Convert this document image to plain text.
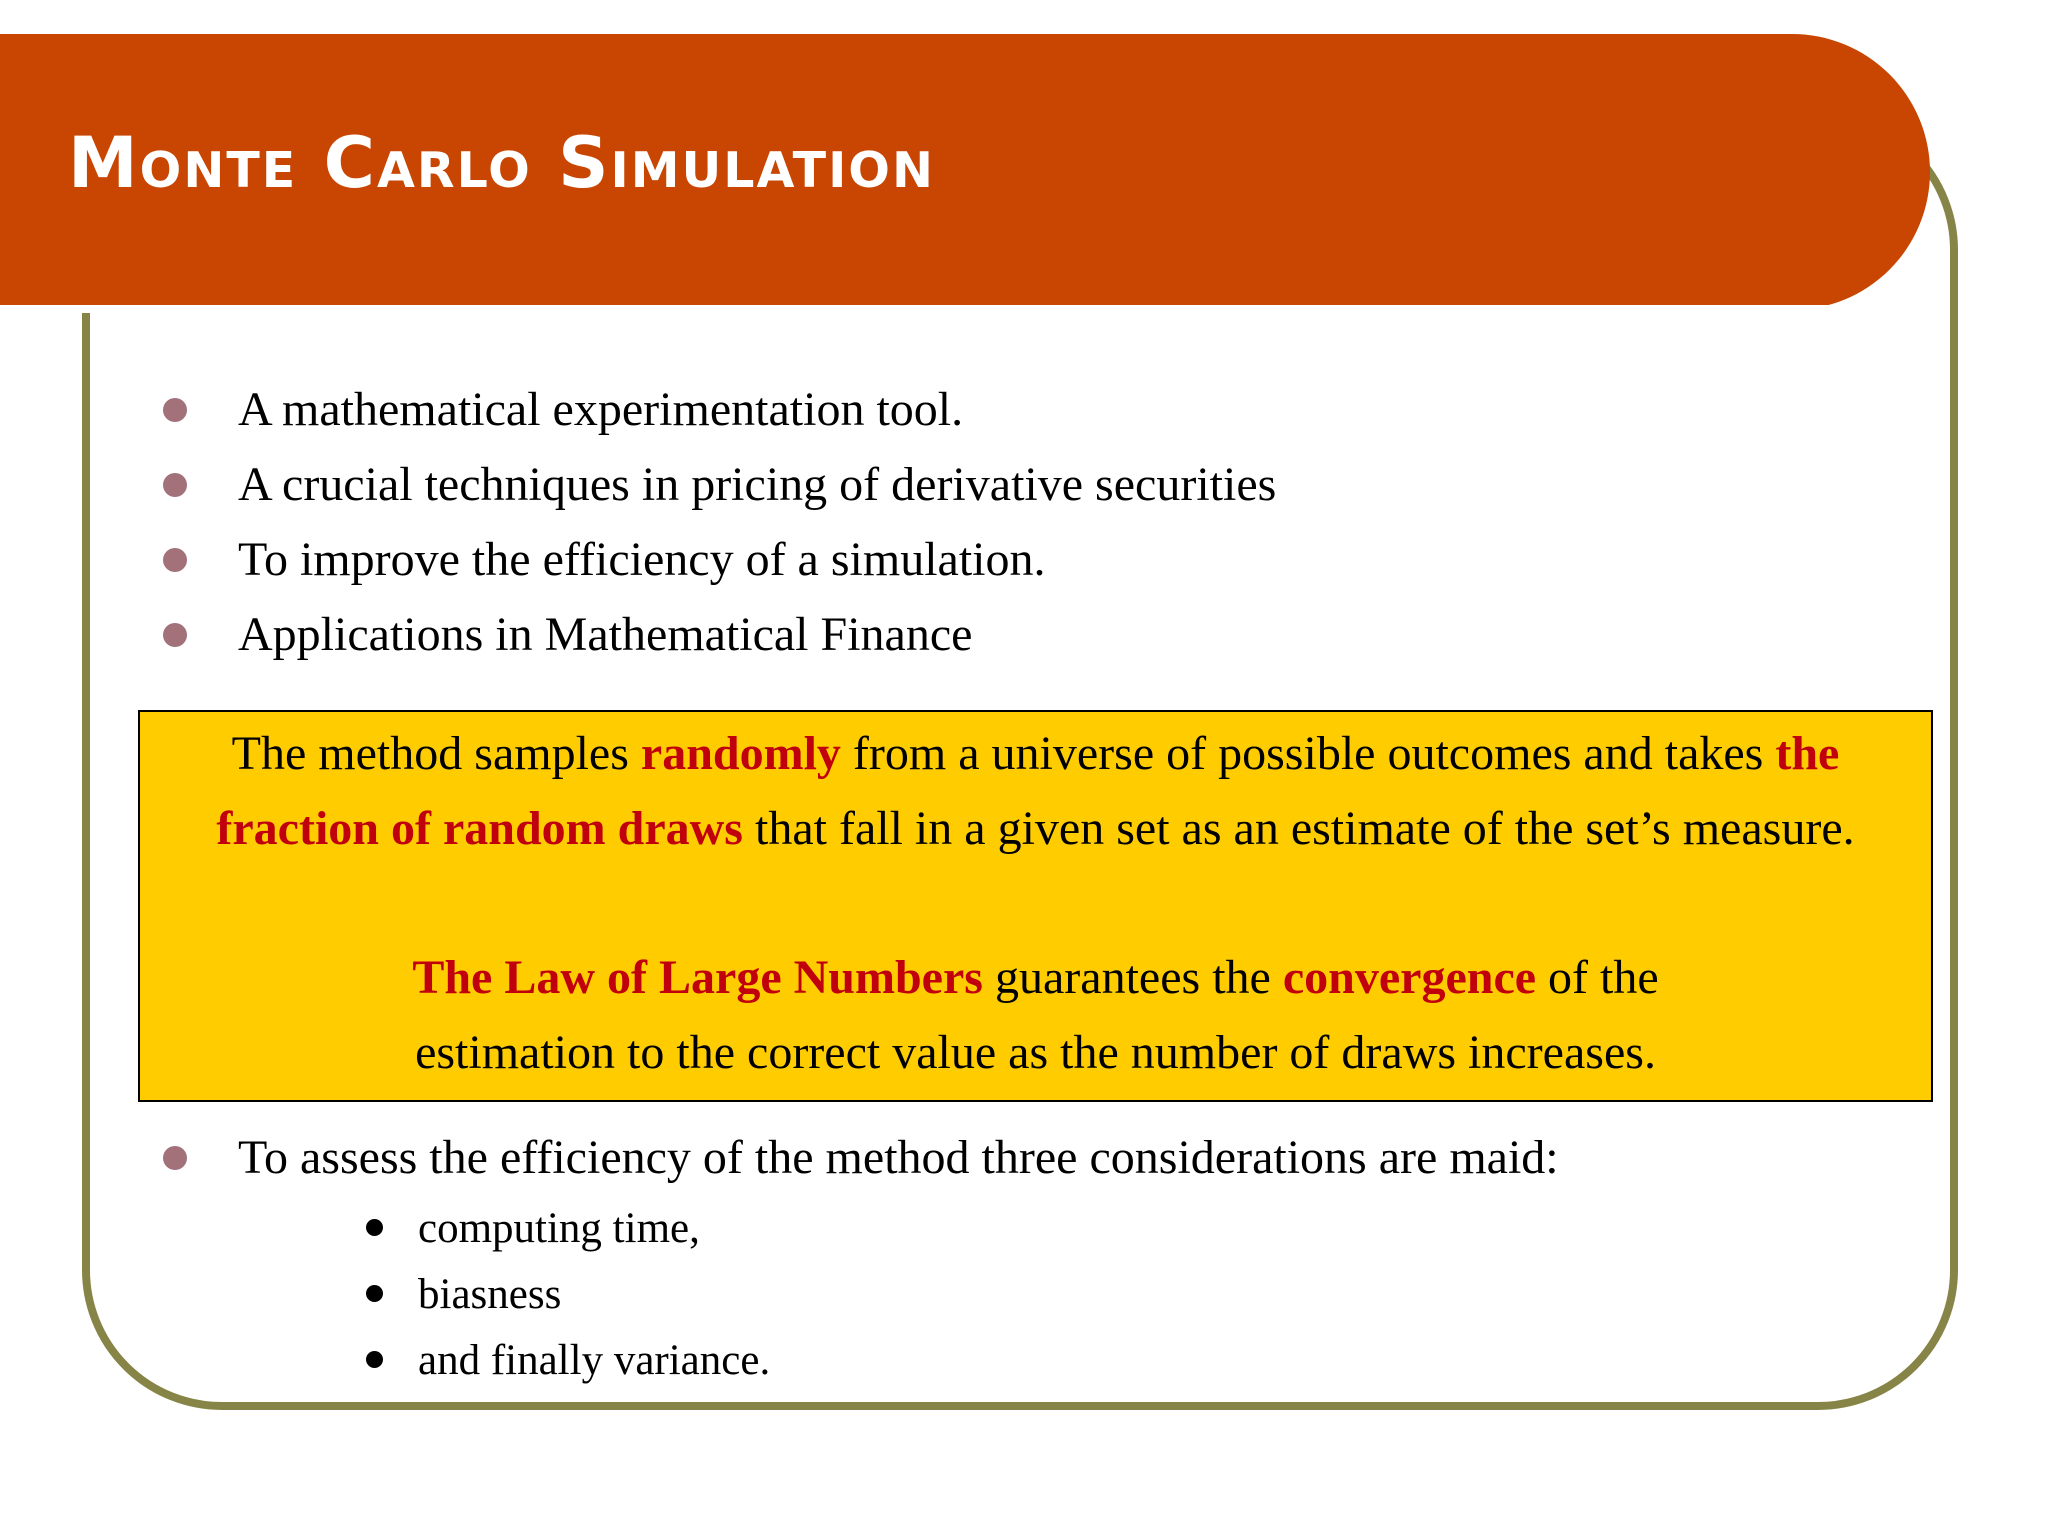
Monte Carlo Simulation
A mathematical experimentation tool.
A crucial techniques in pricing of derivative securities
To improve the efficiency of a simulation.
Applications in Mathematical Finance

The method samples randomly from a universe of possible outcomes and takes the
fraction of random draws that fall in a given set as an estimate of the set’s measure.

The Law of Large Numbers guarantees the convergence of the
estimation to the correct value as the number of draws increases.

To assess the efficiency of the method three considerations are maid:
computing time,
biasness
and finally variance.
